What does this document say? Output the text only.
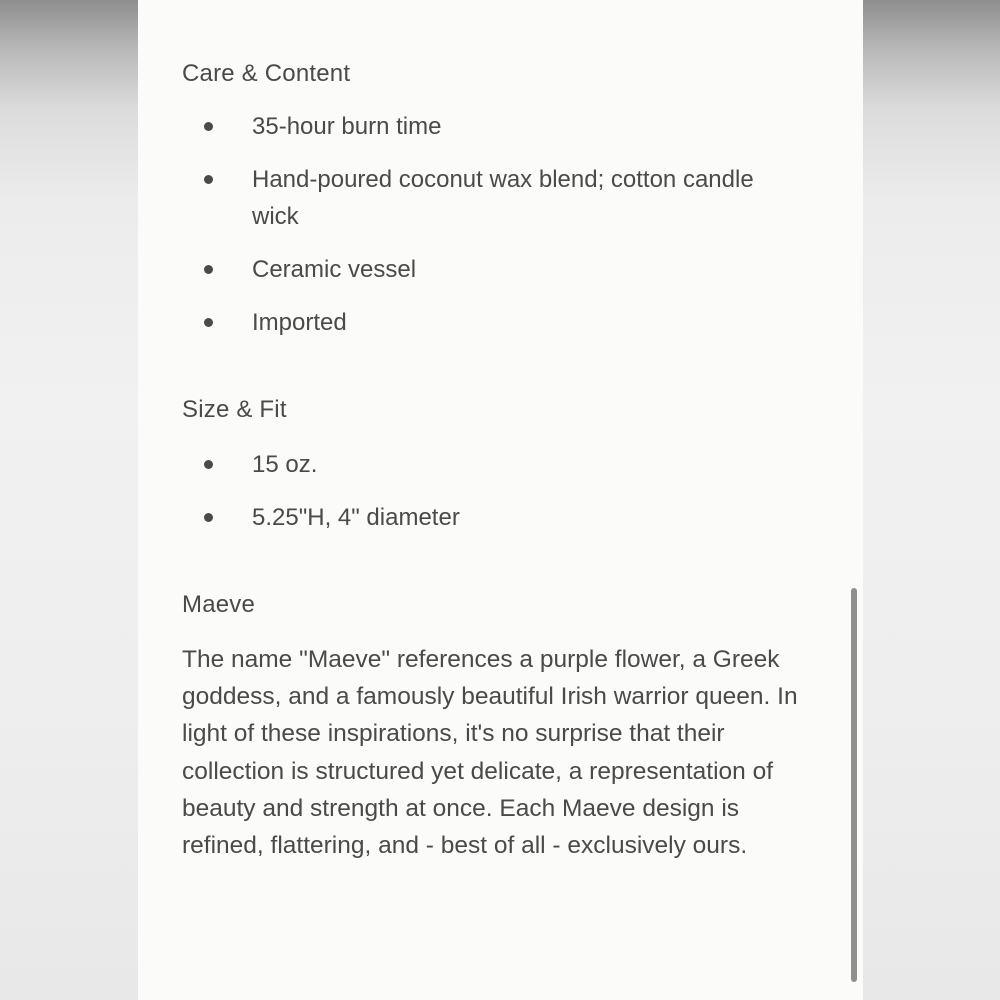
Care & Content
35-hour burn time
Hand-poured coconut wax blend; cotton candle wick
Ceramic vessel
Imported
Size & Fit
15 oz.
5.25"H, 4" diameter
Maeve

The name "Maeve" references a purple flower, a Greek goddess, and a famously beautiful Irish warrior queen. In light of these inspirations, it's no surprise that their collection is structured yet delicate, a representation of beauty and strength at once. Each Maeve design is refined, flattering, and - best of all - exclusively ours.
